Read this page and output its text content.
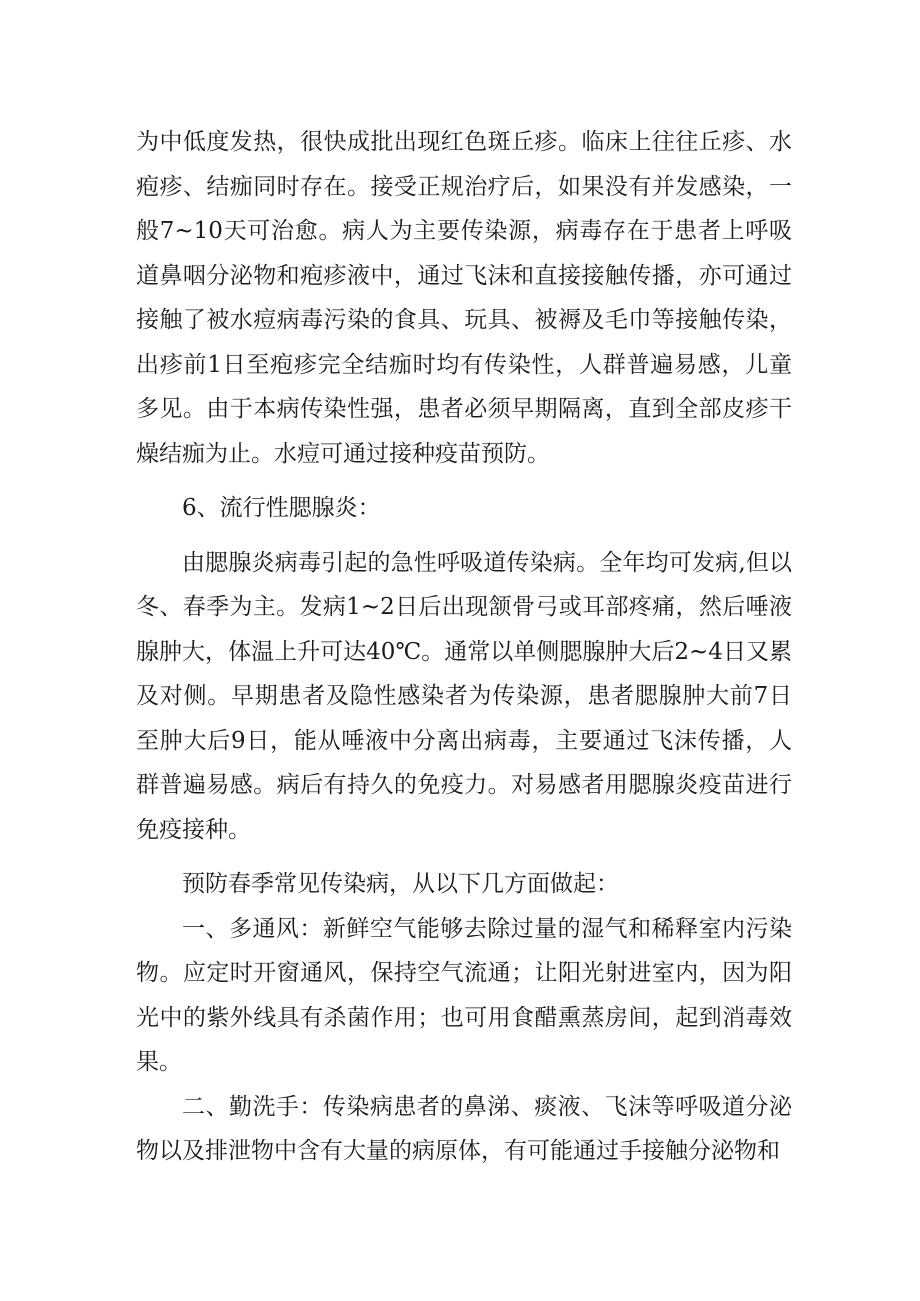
为中低度发热，很快成批出现红色斑丘疹。临床上往往丘疹、水疱疹、结痂同时存在。接受正规治疗后，如果没有并发感染，一般7~10天可治愈。病人为主要传染源，病毒存在于患者上呼吸道鼻咽分泌物和疱疹液中，通过飞沫和直接接触传播，亦可通过接触了被水痘病毒污染的食具、玩具、被褥及毛巾等接触传染，出疹前1日至疱疹完全结痂时均有传染性，人群普遍易感，儿童多见。由于本病传染性强，患者必须早期隔离，直到全部皮疹干燥结痂为止。水痘可通过接种疫苗预防。

6、流行性腮腺炎：

由腮腺炎病毒引起的急性呼吸道传染病。全年均可发病,但以冬、春季为主。发病1~2日后出现颔骨弓或耳部疼痛，然后唾液腺肿大，体温上升可达40℃。通常以单侧腮腺肿大后2~4日又累及对侧。早期患者及隐性感染者为传染源，患者腮腺肿大前7日至肿大后9日，能从唾液中分离出病毒，主要通过飞沫传播，人群普遍易感。病后有持久的免疫力。对易感者用腮腺炎疫苗进行免疫接种。

预防春季常见传染病，从以下几方面做起：

一、多通风：新鲜空气能够去除过量的湿气和稀释室内污染物。应定时开窗通风，保持空气流通；让阳光射进室内，因为阳光中的紫外线具有杀菌作用；也可用食醋熏蒸房间，起到消毒效果。

二、勤洗手：传染病患者的鼻涕、痰液、飞沫等呼吸道分泌物以及排泄物中含有大量的病原体，有可能通过手接触分泌物和
